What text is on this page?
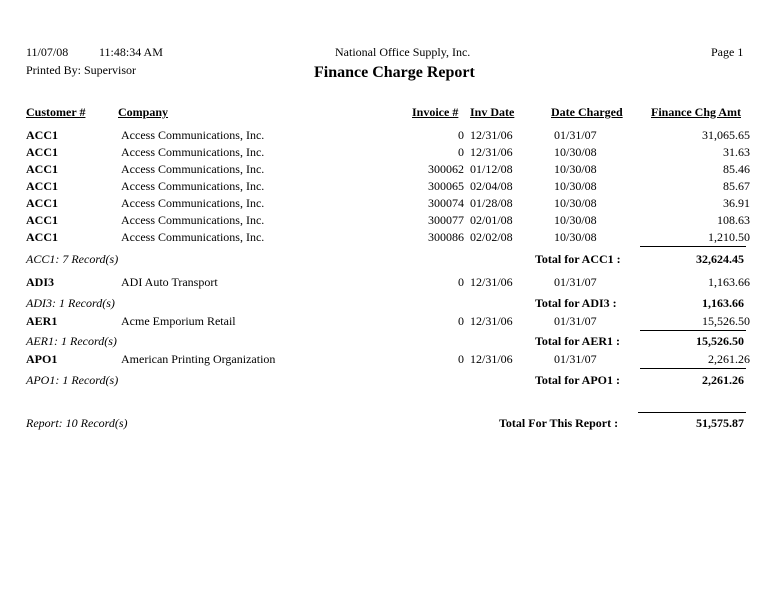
11/07/08	11:48:34 AM	National Office Supply, Inc.	Page 1
Printed By: Supervisor	Finance Charge Report
Customer #	Company	Invoice # Inv Date	Date Charged Finance Chg Amt
ACC1	Access Communications, Inc.	0 12/31/06	01/31/07	31,065.65
ACC1	Access Communications, Inc.	0 12/31/06	10/30/08	31.63
ACC1	Access Communications, Inc.	300062 01/12/08	10/30/08	85.46
ACC1	Access Communications, Inc.	300065 02/04/08	10/30/08	85.67
ACC1	Access Communications, Inc.	300074 01/28/08	10/30/08	36.91
ACC1	Access Communications, Inc.	300077 02/01/08	10/30/08	108.63
ACC1	Access Communications, Inc.	300086 02/02/08	10/30/08	1,210.50
ACC1: 7 Record(s)	Total for ACC1 :	32,624.45
ADI3	ADI Auto Transport	0 12/31/06	01/31/07	1,163.66
ADI3: 1 Record(s)	Total for ADI3 :	1,163.66
AER1	Acme Emporium Retail	0 12/31/06	01/31/07	15,526.50
AER1: 1 Record(s)	Total for AER1 :	15,526.50
APO1	American Printing Organization	0 12/31/06	01/31/07	2,261.26
APO1: 1 Record(s)	Total for APO1 :	2,261.26
Report: 10 Record(s)	Total For This Report :	51,575.87
